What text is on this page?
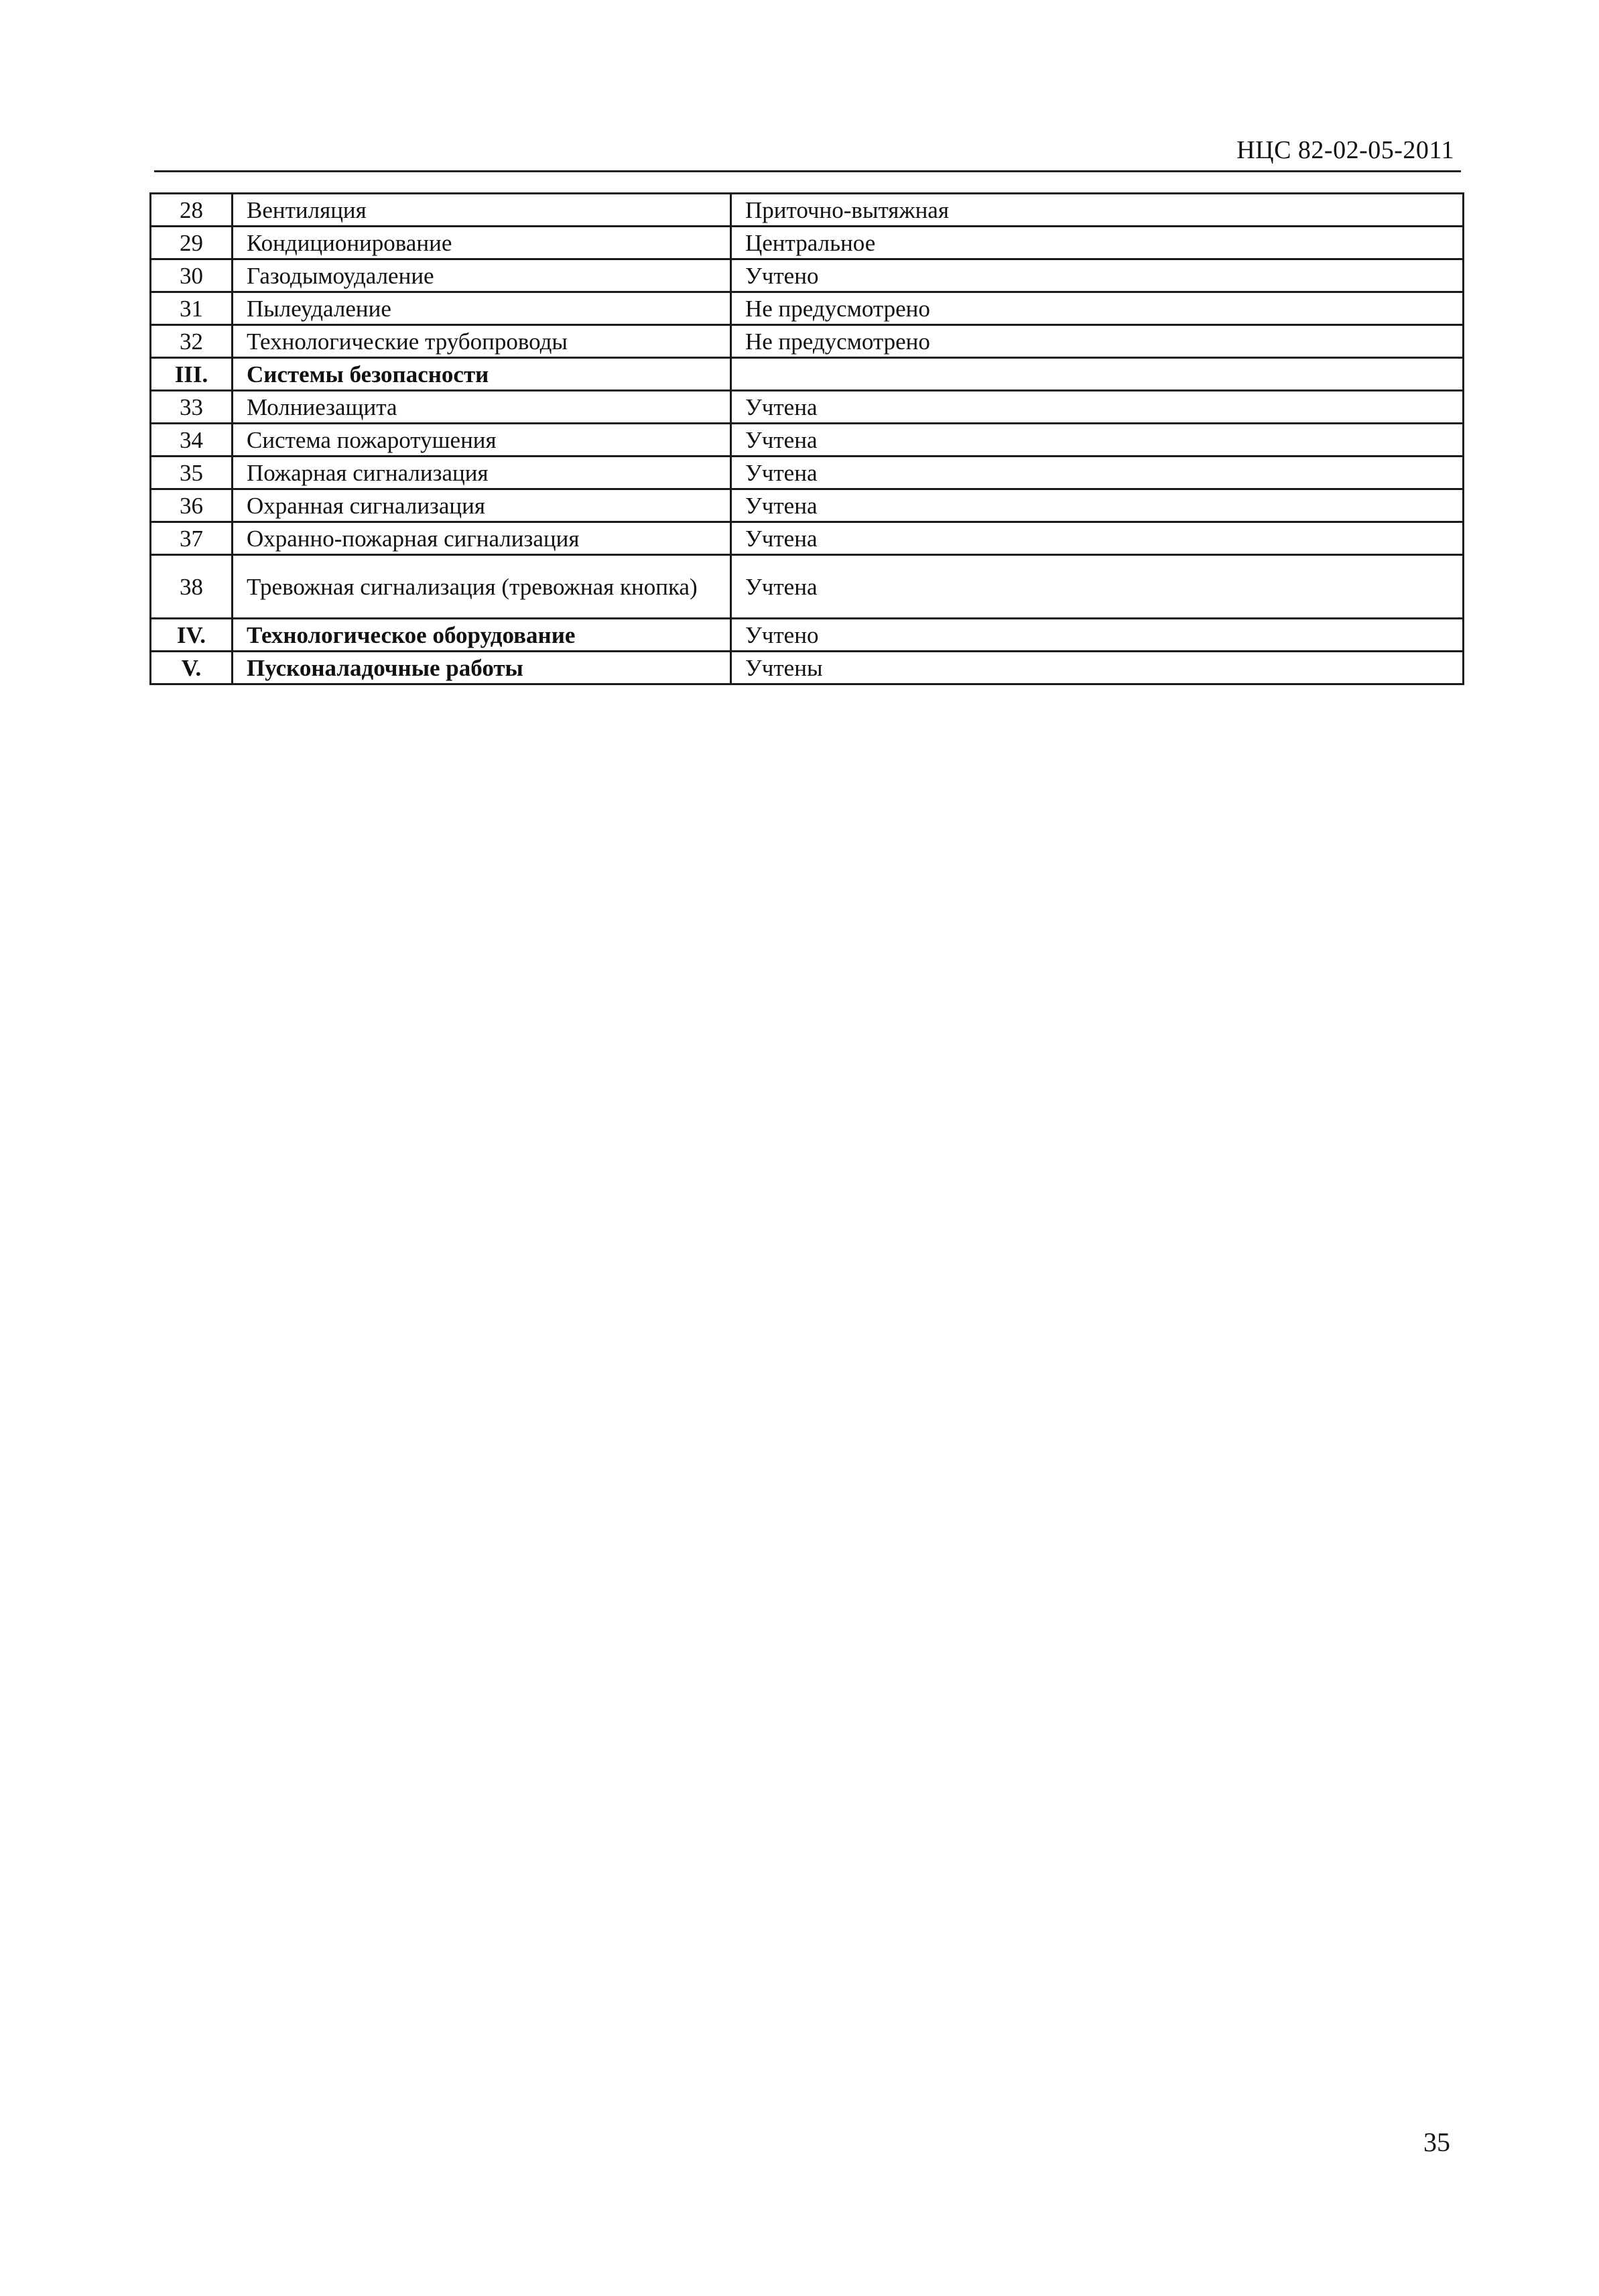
НЦС 82-02-05-2011
28	Вентиляция	Приточно-вытяжная
29	Кондиционирование	Центральное
30	Газодымоудаление	Учтено
31	Пылеудаление	Не предусмотрено
32	Технологические трубопроводы	Не предусмотрено
III.	Системы безопасности	
33	Молниезащита	Учтена
34	Система пожаротушения	Учтена
35	Пожарная сигнализация	Учтена
36	Охранная сигнализация	Учтена
37	Охранно-пожарная сигнализация	Учтена
38	Тревожная сигнализация (тревожная кнопка)	Учтена
IV.	Технологическое оборудование	Учтено
V.	Пусконаладочные работы	Учтены
35
